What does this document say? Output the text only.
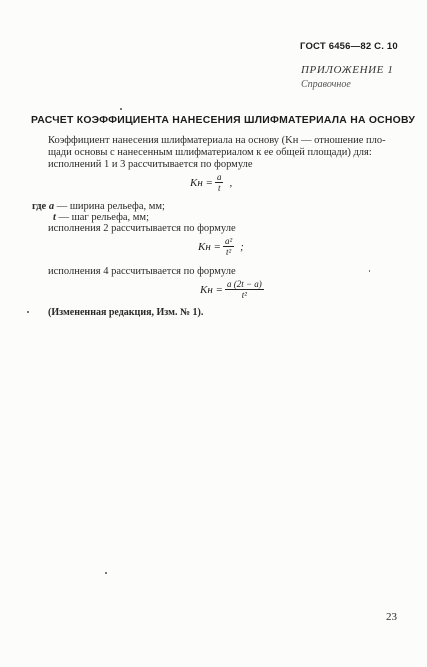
ГОСТ 6456—82 С. 10
ПРИЛОЖЕНИЕ 1
Справочное
РАСЧЕТ КОЭФФИЦИЕНТА НАНЕСЕНИЯ ШЛИФМАТЕРИАЛА НА ОСНОВУ
Коэффициент нанесения шлифматериала на основу (Kн — отношение пло-
щади основы с нанесенным шлифматериалом к ее общей площади) для:
исполнений 1 и 3 рассчитывается по формуле
Kн = $\frac{a}{t}$ ,
где a — ширина рельефа, мм;
t — шаг рельефа, мм;
исполнения 2 рассчитывается по формуле
Kн = $\frac{\text{a²}}{\text{t²}}$ ;
исполнения 4 рассчитывается по формуле
Kн = $\frac{a (2t - a)}{\text{t²}}$
(Измененная редакция, Изм. № 1).
23
